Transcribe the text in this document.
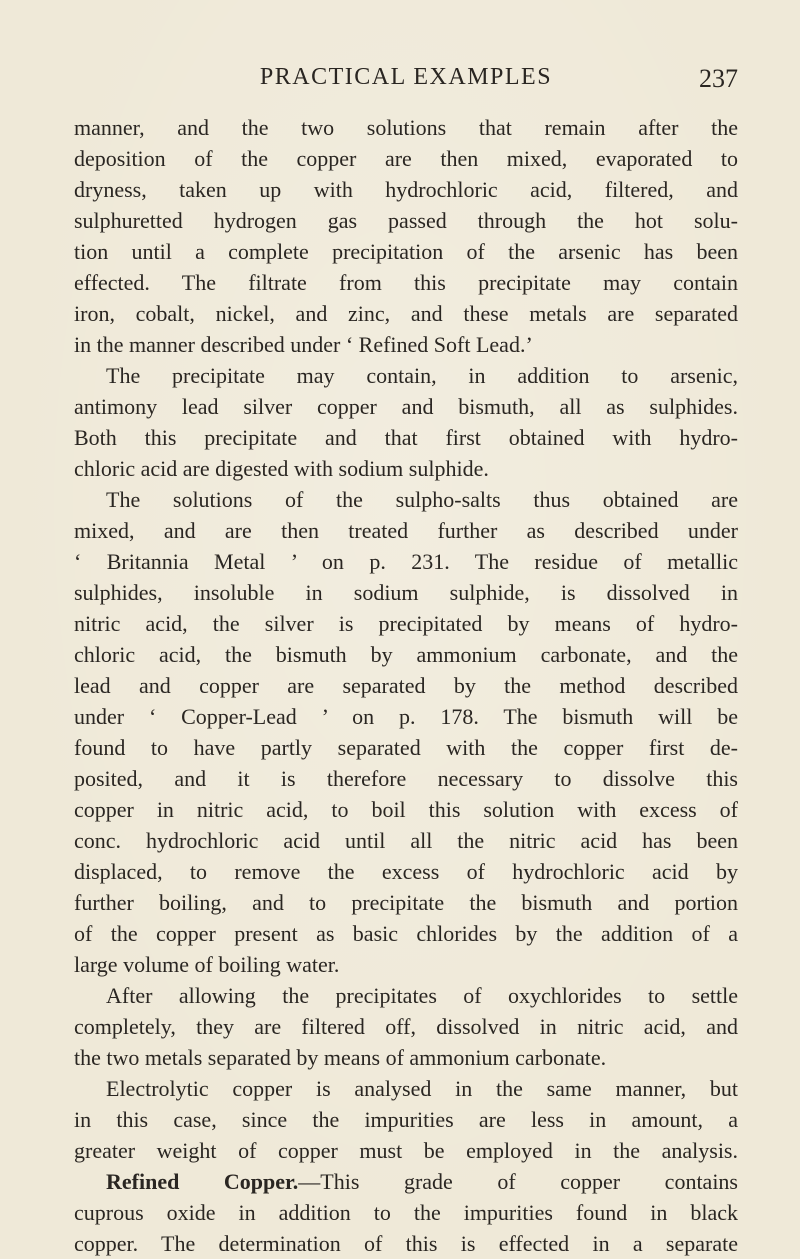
PRACTICAL EXAMPLES	237
manner, and the two solutions that remain after the
deposition of the copper are then mixed, evaporated to
dryness, taken up with hydrochloric acid, filtered, and
sulphuretted hydrogen gas passed through the hot solu-
tion until a complete precipitation of the arsenic has been
effected. The filtrate from this precipitate may contain
iron, cobalt, nickel, and zinc, and these metals are separated
in the manner described under ‘ Refined Soft Lead.’
The precipitate may contain, in addition to arsenic,
antimony lead silver copper and bismuth, all as sulphides.
Both this precipitate and that first obtained with hydro-
chloric acid are digested with sodium sulphide.
The solutions of the sulpho-salts thus obtained are
mixed, and are then treated further as described under
‘ Britannia Metal ’ on p. 231. The residue of metallic
sulphides, insoluble in sodium sulphide, is dissolved in
nitric acid, the silver is precipitated by means of hydro-
chloric acid, the bismuth by ammonium carbonate, and the
lead and copper are separated by the method described
under ‘ Copper-Lead ’ on p. 178. The bismuth will be
found to have partly separated with the copper first de-
posited, and it is therefore necessary to dissolve this
copper in nitric acid, to boil this solution with excess of
conc. hydrochloric acid until all the nitric acid has been
displaced, to remove the excess of hydrochloric acid by
further boiling, and to precipitate the bismuth and portion
of the copper present as basic chlorides by the addition of a
large volume of boiling water.
After allowing the precipitates of oxychlorides to settle
completely, they are filtered off, dissolved in nitric acid, and
the two metals separated by means of ammonium carbonate.
Electrolytic copper is analysed in the same manner, but
in this case, since the impurities are less in amount, a
greater weight of copper must be employed in the analysis.
Refined Copper.—This grade of copper contains
cuprous oxide in addition to the impurities found in black
copper. The determination of this is effected in a separate
